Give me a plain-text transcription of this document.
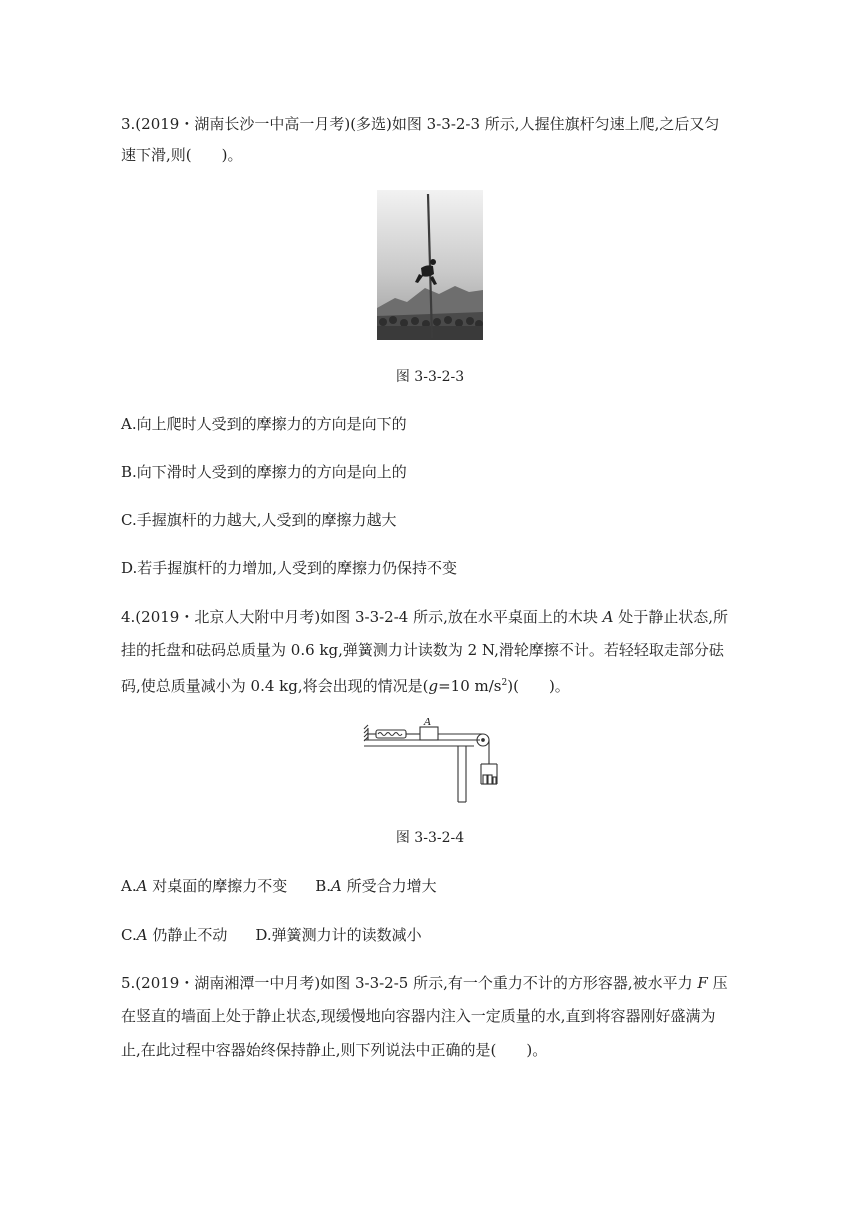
3.(2019・湖南长沙一中高一月考)(多选)如图 3-3-2-3 所示,人握住旗杆匀速上爬,之后又匀
速下滑,则(　　)。
图 3-3-2-3
A.向上爬时人受到的摩擦力的方向是向下的
B.向下滑时人受到的摩擦力的方向是向上的
C.手握旗杆的力越大,人受到的摩擦力越大
D.若手握旗杆的力增加,人受到的摩擦力仍保持不变
4.(2019・北京人大附中月考)如图 3-3-2-4 所示,放在水平桌面上的木块 A 处于静止状态,所
挂的托盘和砝码总质量为 0.6 kg,弹簧测力计读数为 2 N,滑轮摩擦不计。若轻轻取走部分砝
码,使总质量减小为 0.4 kg,将会出现的情况是(g=10 $m/s^2$)(　　)。
A
图 3-3-2-4
A.A 对桌面的摩擦力不变 B.A 所受合力增大
C.A 仍静止不动 D.弹簧测力计的读数减小
5.(2019・湖南湘潭一中月考)如图 3-3-2-5 所示,有一个重力不计的方形容器,被水平力 F 压
在竖直的墙面上处于静止状态,现缓慢地向容器内注入一定质量的水,直到将容器刚好盛满为
止,在此过程中容器始终保持静止,则下列说法中正确的是(　　)。
